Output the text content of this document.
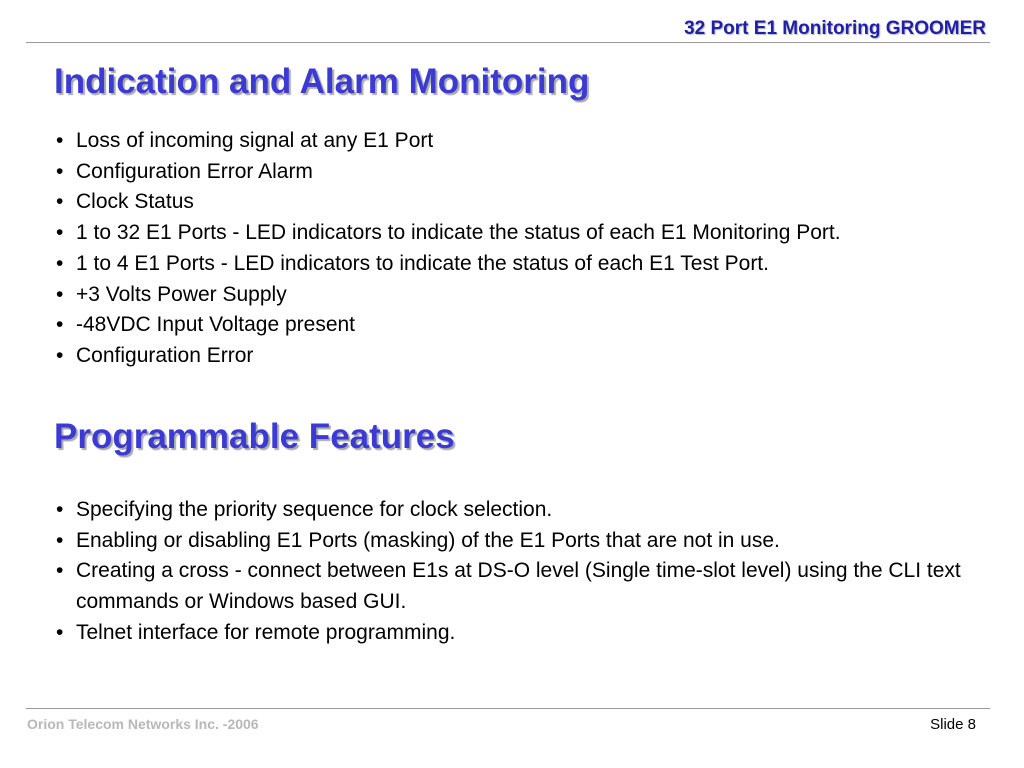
32 Port E1 Monitoring GROOMER
Indication and Alarm Monitoring
• Loss of incoming signal at any E1 Port
• Configuration Error Alarm
• Clock Status
• 1 to 32 E1 Ports - LED indicators to indicate the status of each E1 Monitoring Port.
• 1 to 4 E1 Ports - LED indicators to indicate the status of each E1 Test Port.
• +3 Volts Power Supply
• -48VDC Input Voltage present
• Configuration Error
Programmable Features
• Specifying the priority sequence for clock selection.
• Enabling or disabling E1 Ports (masking) of the E1 Ports that are not in use.
• Creating a cross - connect between E1s at DS-O level (Single time-slot level) using the CLI text commands or Windows based GUI.
• Telnet interface for remote programming.
Orion Telecom Networks Inc. -2006	Slide 8
